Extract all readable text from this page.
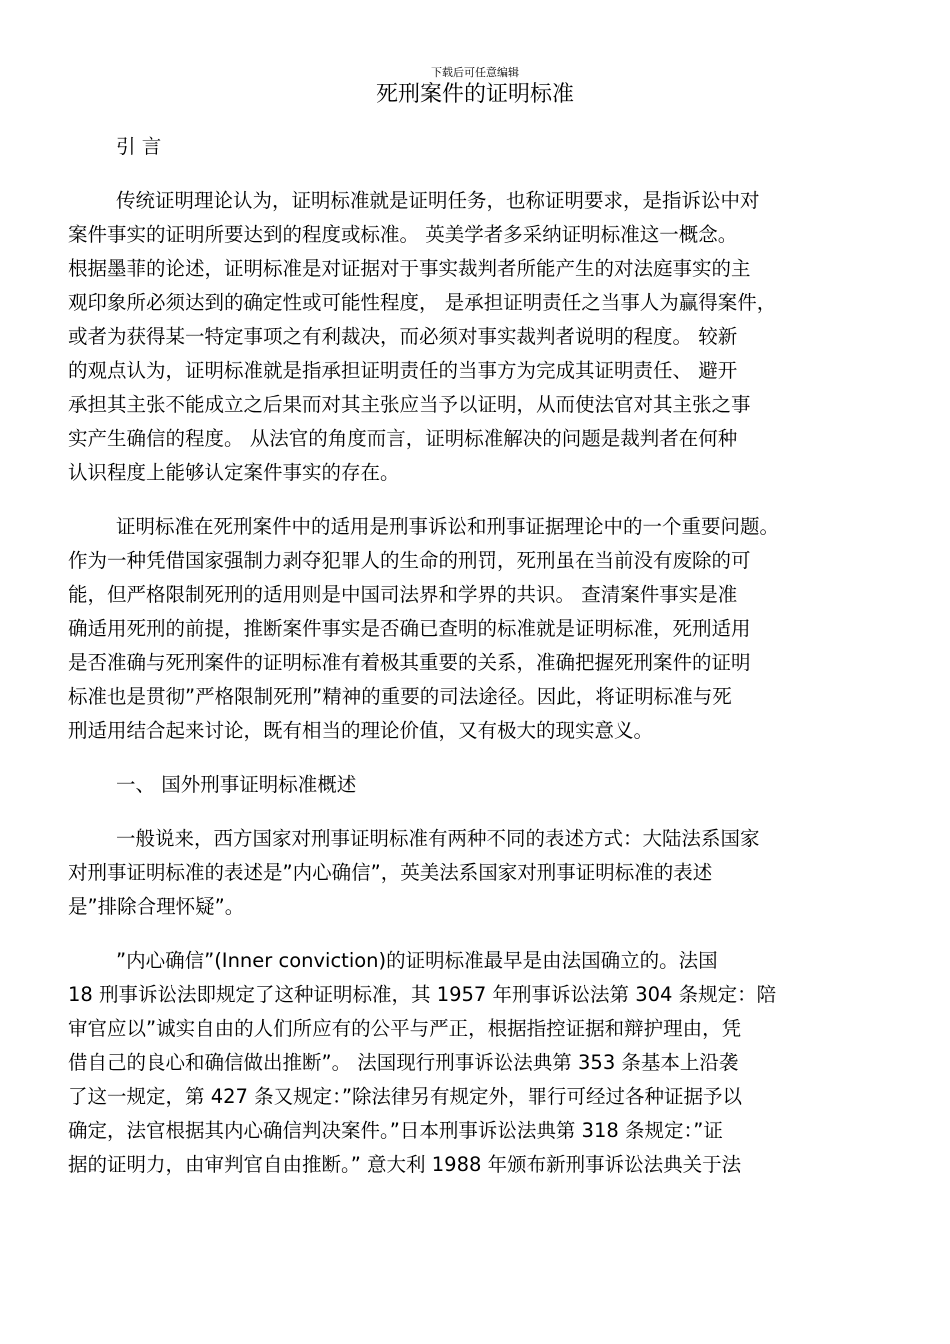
下载后可任意编辑
死刑案件的证明标准
引 言
传统证明理论认为，证明标准就是证明任务，也称证明要求，是指诉讼中对
案件事实的证明所要达到的程度或标准。 英美学者多采纳证明标准这一概念。
根据墨菲的论述，证明标准是对证据对于事实裁判者所能产生的对法庭事实的主
观印象所必须达到的确定性或可能性程度， 是承担证明责任之当事人为赢得案件，
或者为获得某一特定事项之有利裁决，而必须对事实裁判者说明的程度。 较新
的观点认为，证明标准就是指承担证明责任的当事方为完成其证明责任、 避开
承担其主张不能成立之后果而对其主张应当予以证明，从而使法官对其主张之事
实产生确信的程度。 从法官的角度而言，证明标准解决的问题是裁判者在何种
认识程度上能够认定案件事实的存在。
证明标准在死刑案件中的适用是刑事诉讼和刑事证据理论中的一个重要问题。
作为一种凭借国家强制力剥夺犯罪人的生命的刑罚，死刑虽在当前没有废除的可
能，但严格限制死刑的适用则是中国司法界和学界的共识。 查清案件事实是准
确适用死刑的前提，推断案件事实是否确已查明的标准就是证明标准，死刑适用
是否准确与死刑案件的证明标准有着极其重要的关系，准确把握死刑案件的证明
标准也是贯彻”严格限制死刑”精神的重要的司法途径。因此，将证明标准与死
刑适用结合起来讨论，既有相当的理论价值，又有极大的现实意义。
一、 国外刑事证明标准概述
一般说来，西方国家对刑事证明标准有两种不同的表述方式：大陆法系国家
对刑事证明标准的表述是”内心确信”，英美法系国家对刑事证明标准的表述
是”排除合理怀疑”。
”内心确信”(Inner conviction)的证明标准最早是由法国确立的。法国
18 刑事诉讼法即规定了这种证明标准，其 1957 年刑事诉讼法第 304 条规定：陪
审官应以”诚实自由的人们所应有的公平与严正，根据指控证据和辩护理由，凭
借自己的良心和确信做出推断”。 法国现行刑事诉讼法典第 353 条基本上沿袭
了这一规定，第 427 条又规定：”除法律另有规定外，罪行可经过各种证据予以
确定，法官根据其内心确信判决案件。”日本刑事诉讼法典第 318 条规定：”证
据的证明力，由审判官自由推断。” 意大利 1988 年颁布新刑事诉讼法典关于法
